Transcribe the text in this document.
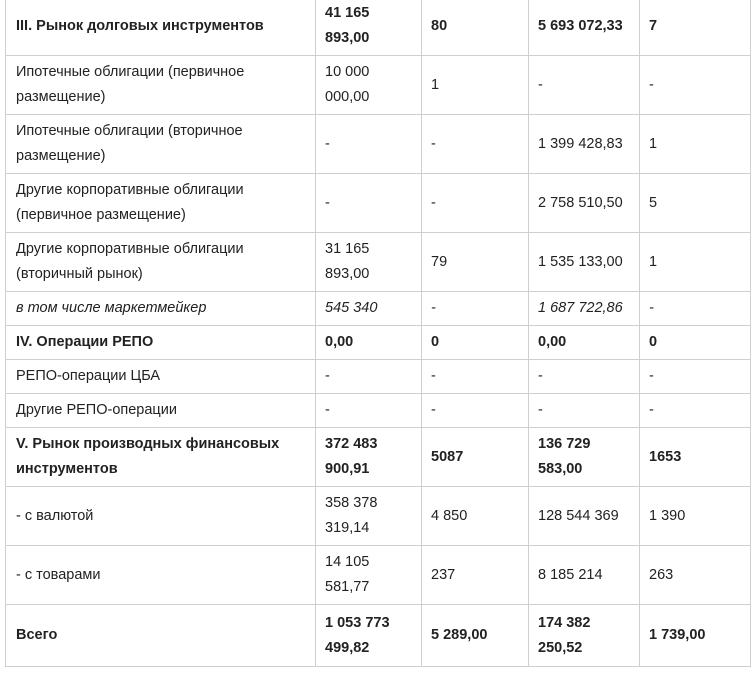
III. Рынок долговых инструментов	41 165 893,00	80	5 693 072,33	7
Ипотечные облигации (первичное размещение)	10 000 000,00	1	-	-
Ипотечные облигации (вторичное размещение)	-	-	1 399 428,83	1
Другие корпоративные облигации (первичное размещение)	-	-	2 758 510,50	5
Другие корпоративные облигации (вторичный рынок)	31 165 893,00	79	1 535 133,00	1
в том числе маркетмейкер	545 340	-	1 687 722,86	-
IV. Операции РЕПО	0,00	0	0,00	0
РЕПО-операции ЦБА	-	-	-	-
Другие РЕПО-операции	-	-	-	-
V. Рынок производных финансовых инструментов	372 483 900,91	5087	136 729 583,00	1653
- с валютой	358 378 319,14	4 850	128 544 369	1 390
- с товарами	14 105 581,77	237	8 185 214	263
Всего	1 053 773 499,82	5 289,00	174 382 250,52	1 739,00
